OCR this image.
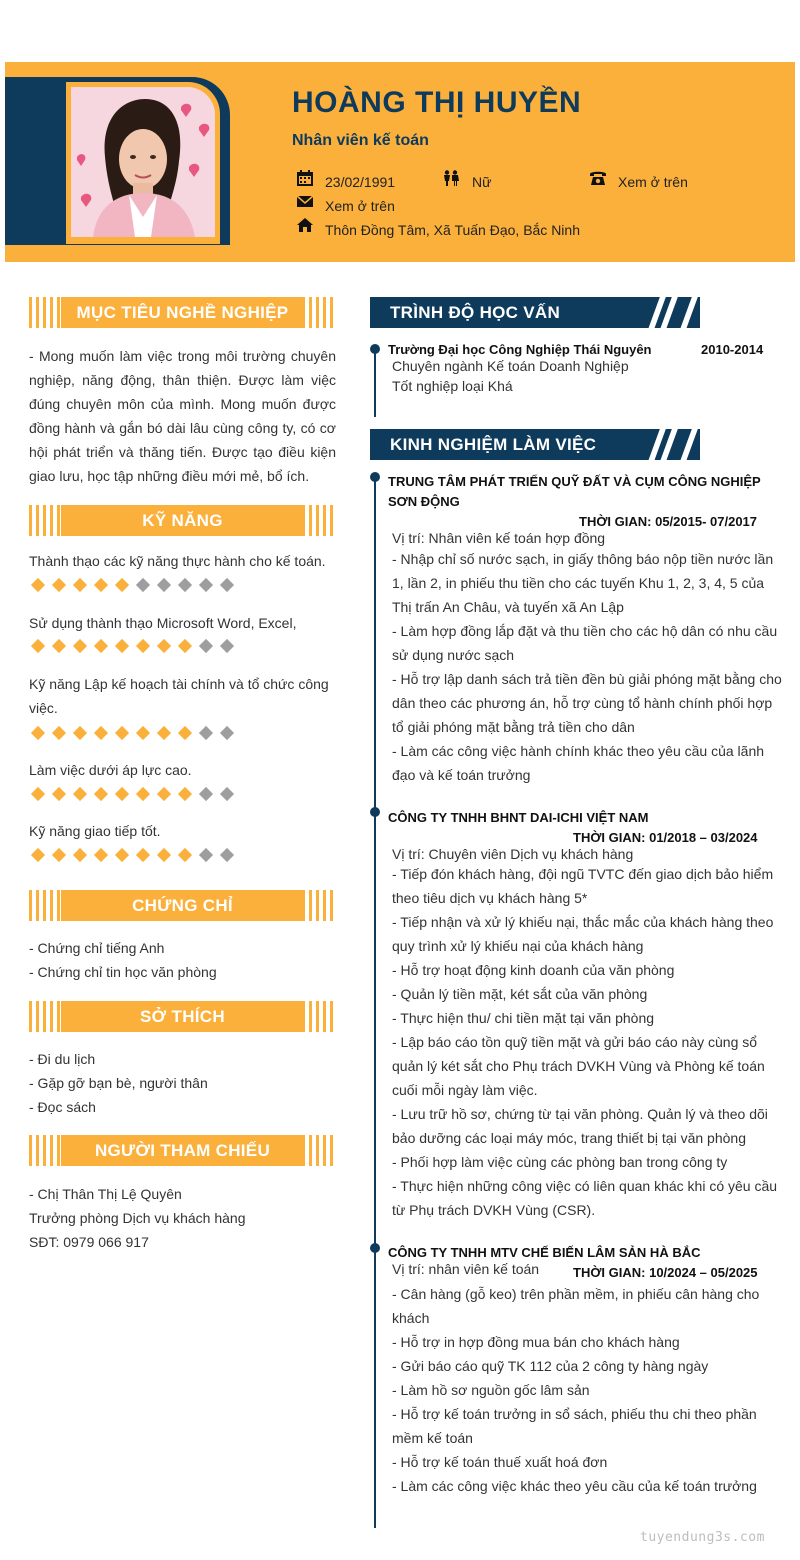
HOÀNG THỊ HUYỀN
Nhân viên kế toán
23/02/1991	Nữ	Xem ở trên
Xem ở trên
Thôn Đồng Tâm, Xã Tuấn Đạo, Bắc Ninh
MỤC TIÊU NGHỀ NGHIỆP
- Mong muốn làm việc trong môi trường chuyên nghiệp, năng động, thân thiện. Được làm việc đúng chuyên môn của mình. Mong muốn được đồng hành và gắn bó dài lâu cùng công ty, có cơ hội phát triển và thăng tiến. Được tạo điều kiện giao lưu, học tập những điều mới mẻ, bổ ích.
KỸ NĂNG
Thành thạo các kỹ năng thực hành cho kế toán.
Sử dụng thành thạo Microsoft Word, Excel,
Kỹ năng Lập kế hoạch tài chính và tổ chức công việc.
Làm việc dưới áp lực cao.
Kỹ năng giao tiếp tốt.
CHỨNG CHỈ
- Chứng chỉ tiếng Anh
- Chứng chỉ tin học văn phòng
SỞ THÍCH
- Đi du lịch
- Gặp gỡ bạn bè, người thân
- Đọc sách
NGƯỜI THAM CHIẾU
- Chị Thân Thị Lệ Quyên
Trưởng phòng Dịch vụ khách hàng
SĐT: 0979 066 917
TRÌNH ĐỘ HỌC VẤN
Trường Đại học Công Nghiệp Thái Nguyên	2010-2014
Chuyên ngành Kế toán Doanh Nghiệp
Tốt nghiệp loại Khá
KINH NGHIỆM LÀM VIỆC
TRUNG TÂM PHÁT TRIỂN QUỸ ĐẤT VÀ CỤM CÔNG NGHIỆP
SƠN ĐỘNG
THỜI GIAN: 05/2015- 07/2017
Vị trí: Nhân viên kế toán hợp đồng
- Nhập chỉ số nước sạch, in giấy thông báo nộp tiền nước lần 1, lần 2, in phiếu thu tiền cho các tuyến Khu 1, 2, 3, 4, 5 của Thị trấn An Châu, và tuyến xã An Lập
- Làm hợp đồng lắp đặt và thu tiền cho các hộ dân có nhu cầu sử dụng nước sạch
- Hỗ trợ lập danh sách trả tiền đền bù giải phóng mặt bằng cho dân theo các phương án, hỗ trợ cùng tổ hành chính phối hợp tổ giải phóng mặt bằng trả tiền cho dân
- Làm các công việc hành chính khác theo yêu cầu của lãnh đạo và kế toán trưởng
CÔNG TY TNHH BHNT DAI-ICHI VIỆT NAM
THỜI GIAN: 01/2018 – 03/2024
Vị trí: Chuyên viên Dịch vụ khách hàng
- Tiếp đón khách hàng, đội ngũ TVTC đến giao dịch bảo hiểm theo tiêu dịch vụ khách hàng 5*
- Tiếp nhận và xử lý khiếu nại, thắc mắc của khách hàng theo quy trình xử lý khiếu nại của khách hàng
- Hỗ trợ hoạt động kinh doanh của văn phòng
- Quản lý tiền mặt, két sắt của văn phòng
- Thực hiện thu/ chi tiền mặt tại văn phòng
- Lập báo cáo tồn quỹ tiền mặt và gửi báo cáo này cùng sổ quản lý két sắt cho Phụ trách DVKH Vùng và Phòng kế toán cuối mỗi ngày làm việc.
- Lưu trữ hồ sơ, chứng từ tại văn phòng. Quản lý và theo dõi bảo dưỡng các loại máy móc, trang thiết bị tại văn phòng
- Phối hợp làm việc cùng các phòng ban trong công ty
- Thực hiện những công việc có liên quan khác khi có yêu cầu từ Phụ trách DVKH Vùng (CSR).
CÔNG TY TNHH MTV CHẾ BIẾN LÂM SẢN HÀ BẮC
Vị trí: nhân viên kế toán	THỜI GIAN: 10/2024 – 05/2025
- Cân hàng (gỗ keo) trên phần mềm, in phiếu cân hàng cho khách
- Hỗ trợ in hợp đồng mua bán cho khách hàng
- Gửi báo cáo quỹ TK 112 của 2 công ty hàng ngày
- Làm hồ sơ nguồn gốc lâm sản
- Hỗ trợ kế toán trưởng in sổ sách, phiếu thu chi theo phần mềm kế toán
- Hỗ trợ kế toán thuế xuất hoá đơn
- Làm các công việc khác theo yêu cầu của kế toán trưởng
tuyendung3s.com
